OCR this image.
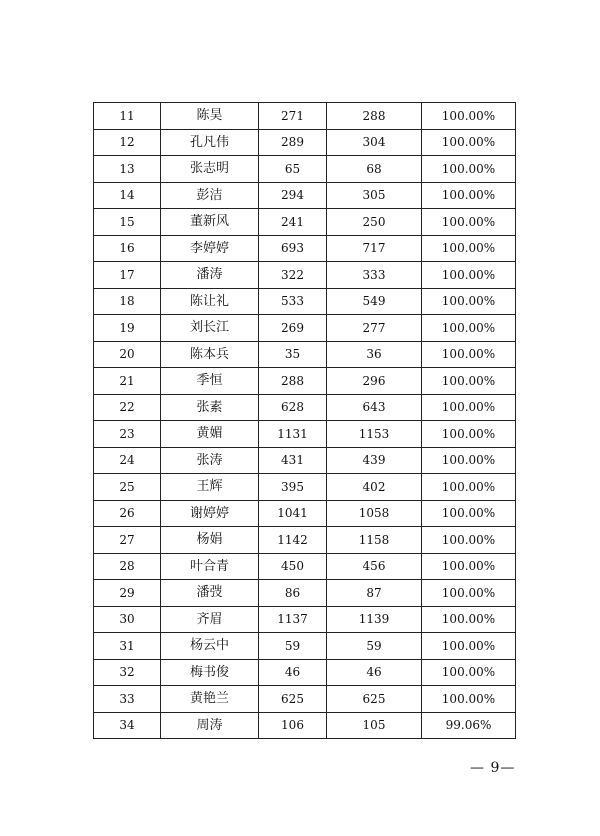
11	陈昊	271	288	100.00%
12	孔凡伟	289	304	100.00%
13	张志明	65	68	100.00%
14	彭洁	294	305	100.00%
15	董新风	241	250	100.00%
16	李婷婷	693	717	100.00%
17	潘涛	322	333	100.00%
18	陈让礼	533	549	100.00%
19	刘长江	269	277	100.00%
20	陈本兵	35	36	100.00%
21	季恒	288	296	100.00%
22	张素	628	643	100.00%
23	黄媚	1131	1153	100.00%
24	张涛	431	439	100.00%
25	王辉	395	402	100.00%
26	谢婷婷	1041	1058	100.00%
27	杨娟	1142	1158	100.00%
28	叶合青	450	456	100.00%
29	潘弢	86	87	100.00%
30	齐眉	1137	1139	100.00%
31	杨云中	59	59	100.00%
32	梅书俊	46	46	100.00%
33	黄艳兰	625	625	100.00%
34	周涛	106	105	99.06%
— 9—
